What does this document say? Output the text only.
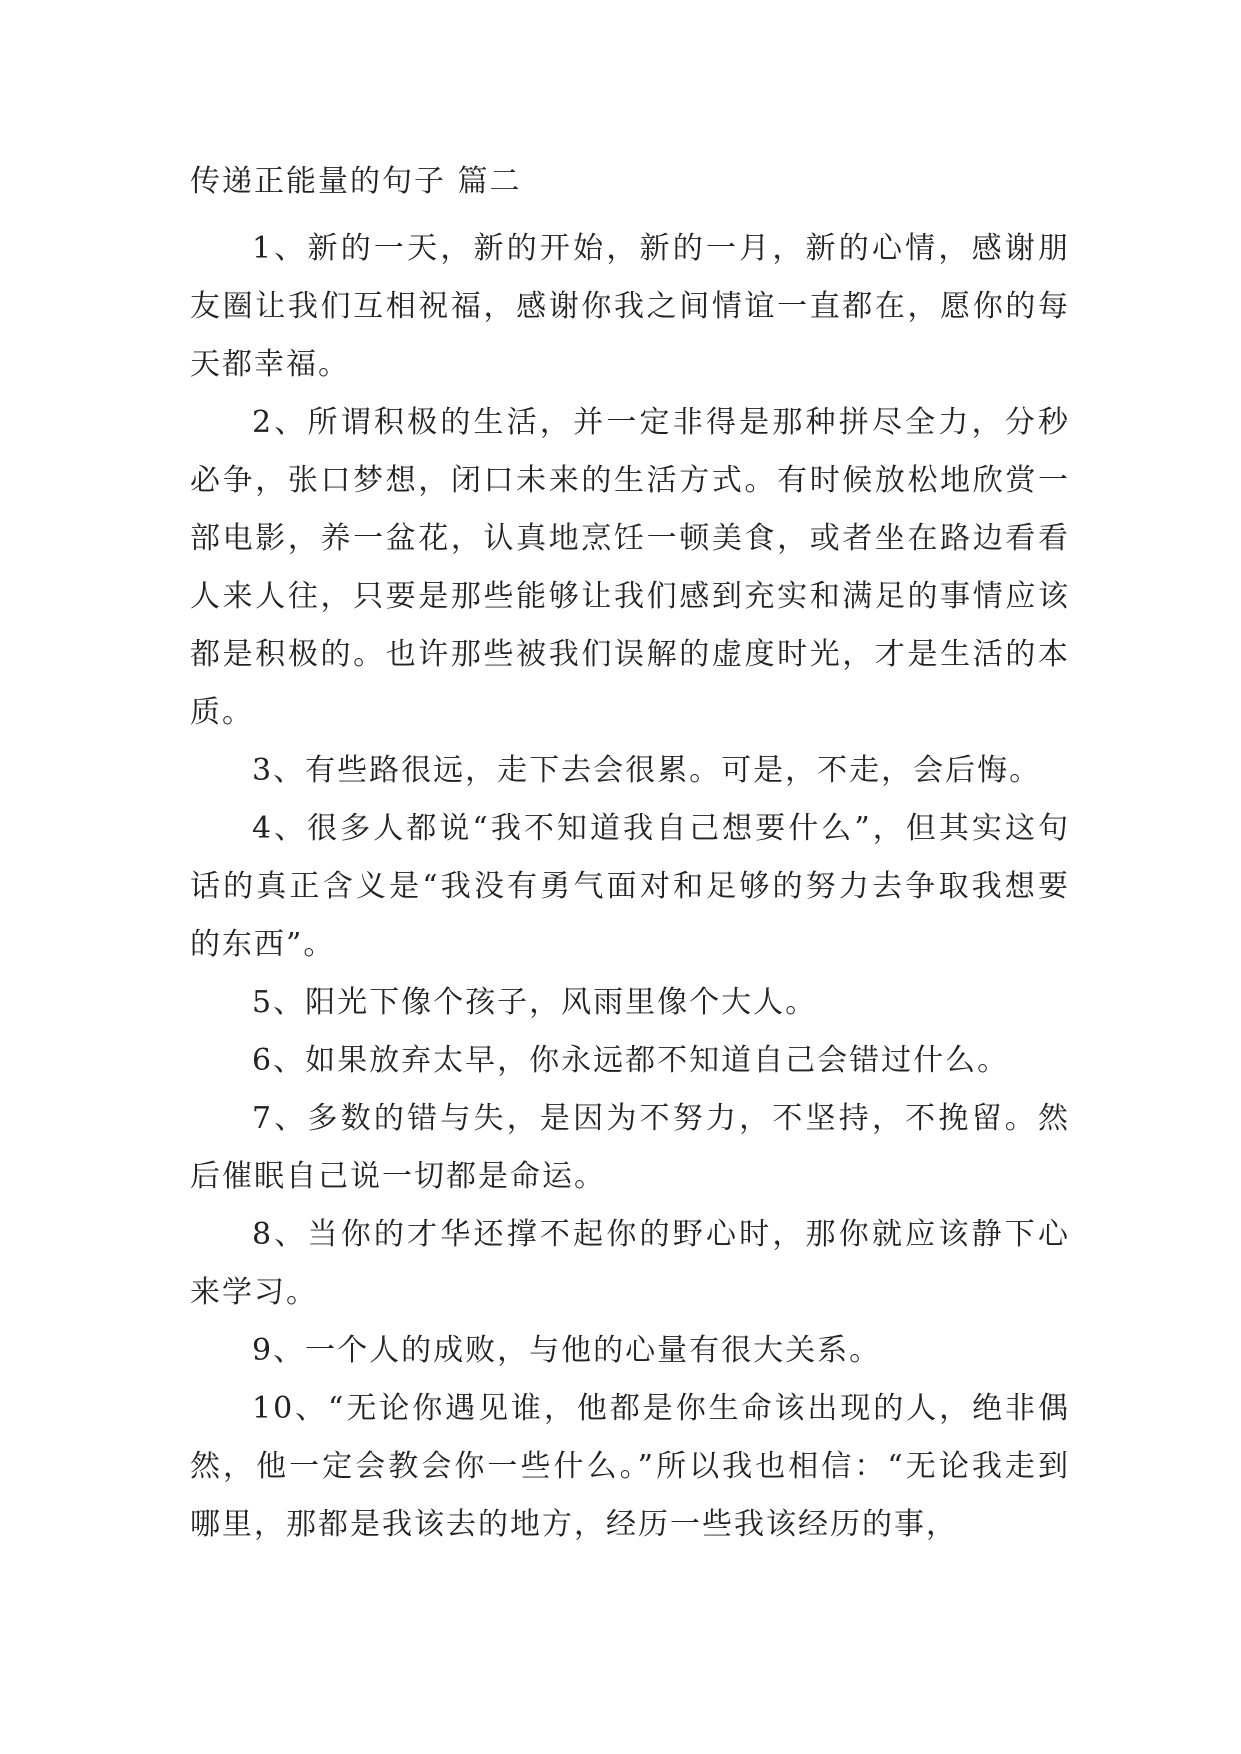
传递正能量的句子 篇二

1、新的一天，新的开始，新的一月，新的心情，感谢朋友圈让我们互相祝福，感谢你我之间情谊一直都在，愿你的每天都幸福。

2、所谓积极的生活，并一定非得是那种拼尽全力，分秒必争，张口梦想，闭口未来的生活方式。有时候放松地欣赏一部电影，养一盆花，认真地烹饪一顿美食，或者坐在路边看看人来人往，只要是那些能够让我们感到充实和满足的事情应该都是积极的。也许那些被我们误解的虚度时光，才是生活的本质。

3、有些路很远，走下去会很累。可是，不走，会后悔。

4、很多人都说“我不知道我自己想要什么”，但其实这句话的真正含义是“我没有勇气面对和足够的努力去争取我想要的东西”。

5、阳光下像个孩子，风雨里像个大人。

6、如果放弃太早，你永远都不知道自己会错过什么。

7、多数的错与失，是因为不努力，不坚持，不挽留。然后催眠自己说一切都是命运。

8、当你的才华还撑不起你的野心时，那你就应该静下心来学习。

9、一个人的成败，与他的心量有很大关系。

10、“无论你遇见谁，他都是你生命该出现的人，绝非偶然，他一定会教会你一些什么。”所以我也相信：“无论我走到哪里，那都是我该去的地方，经历一些我该经历的事，
